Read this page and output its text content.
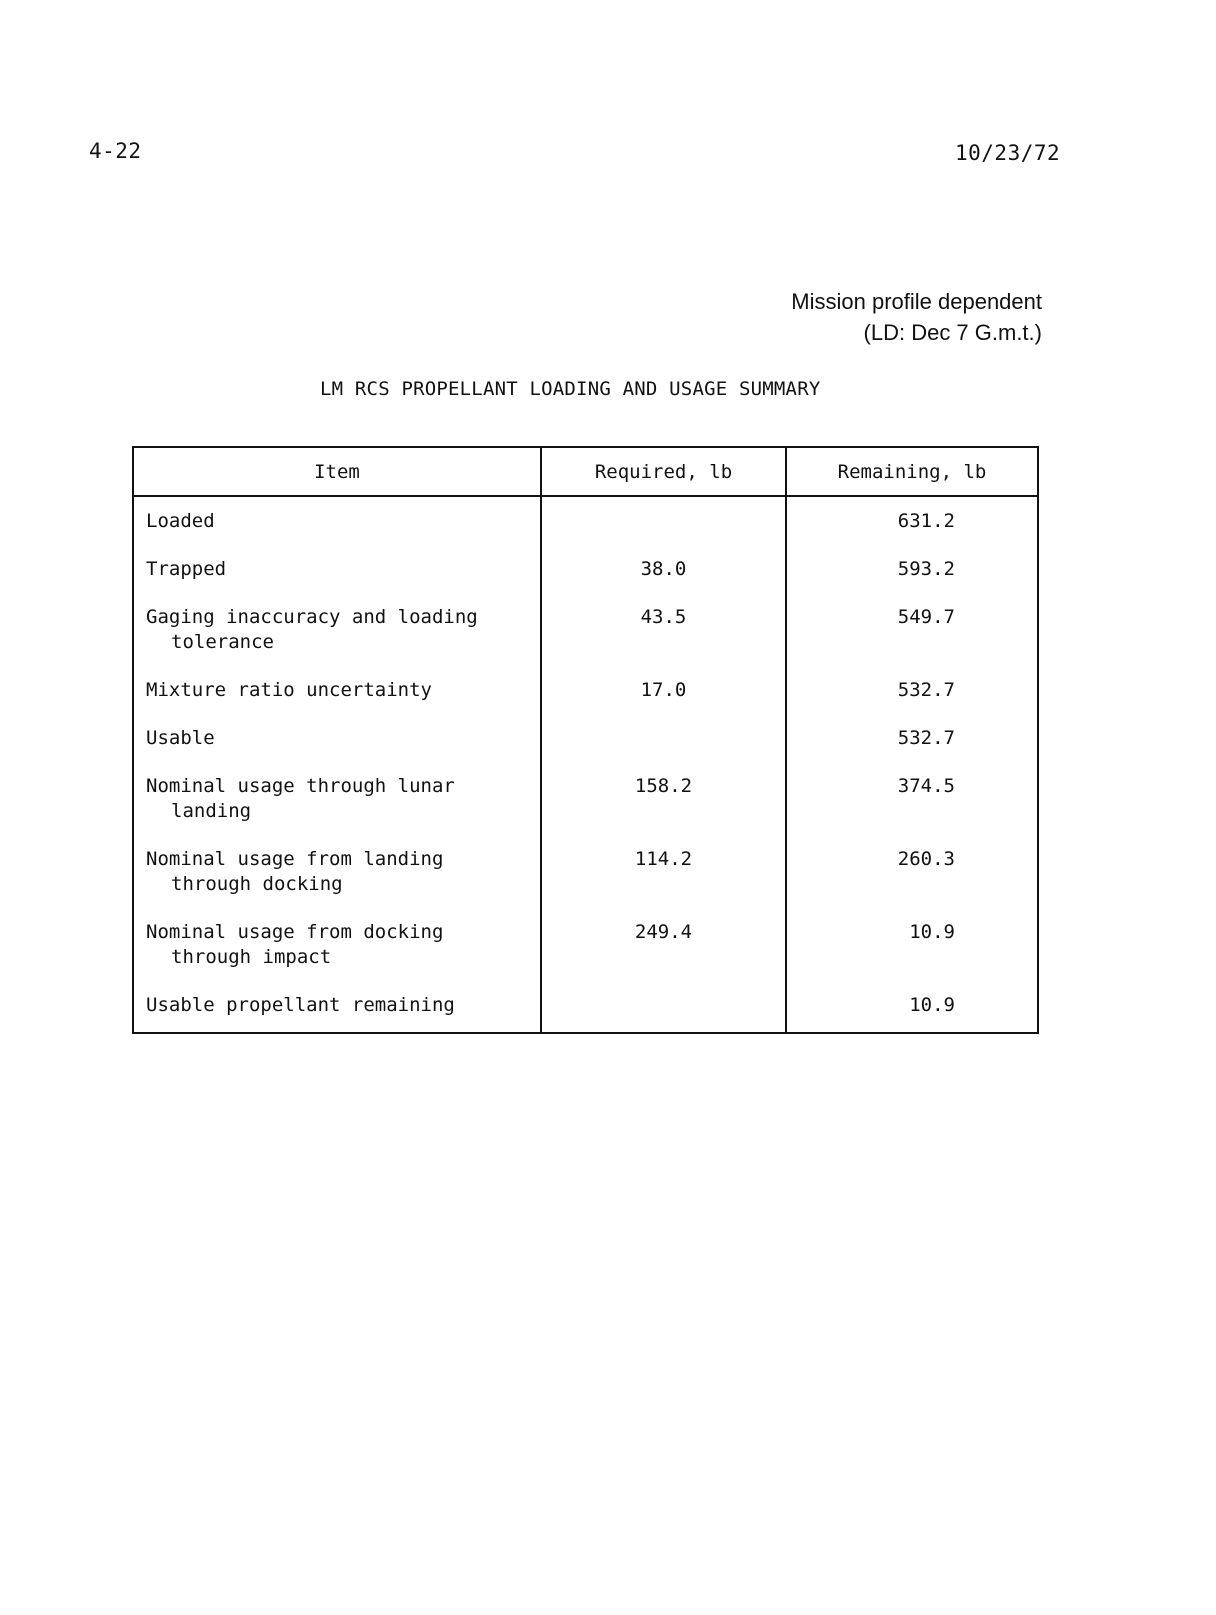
4-22	10/23/72
Mission profile dependent
(LD: Dec 7 G.m.t.)
LM RCS PROPELLANT LOADING AND USAGE SUMMARY
Item	Required, lb	Remaining, lb
Loaded		631.2
Trapped	38.0	593.2
Gaging inaccuracy and loading
tolerance	43.5	549.7
Mixture ratio uncertainty	17.0	532.7
Usable		532.7
Nominal usage through lunar
landing	158.2	374.5
Nominal usage from landing
through docking	114.2	260.3
Nominal usage from docking
through impact	249.4	10.9
Usable propellant remaining		10.9
